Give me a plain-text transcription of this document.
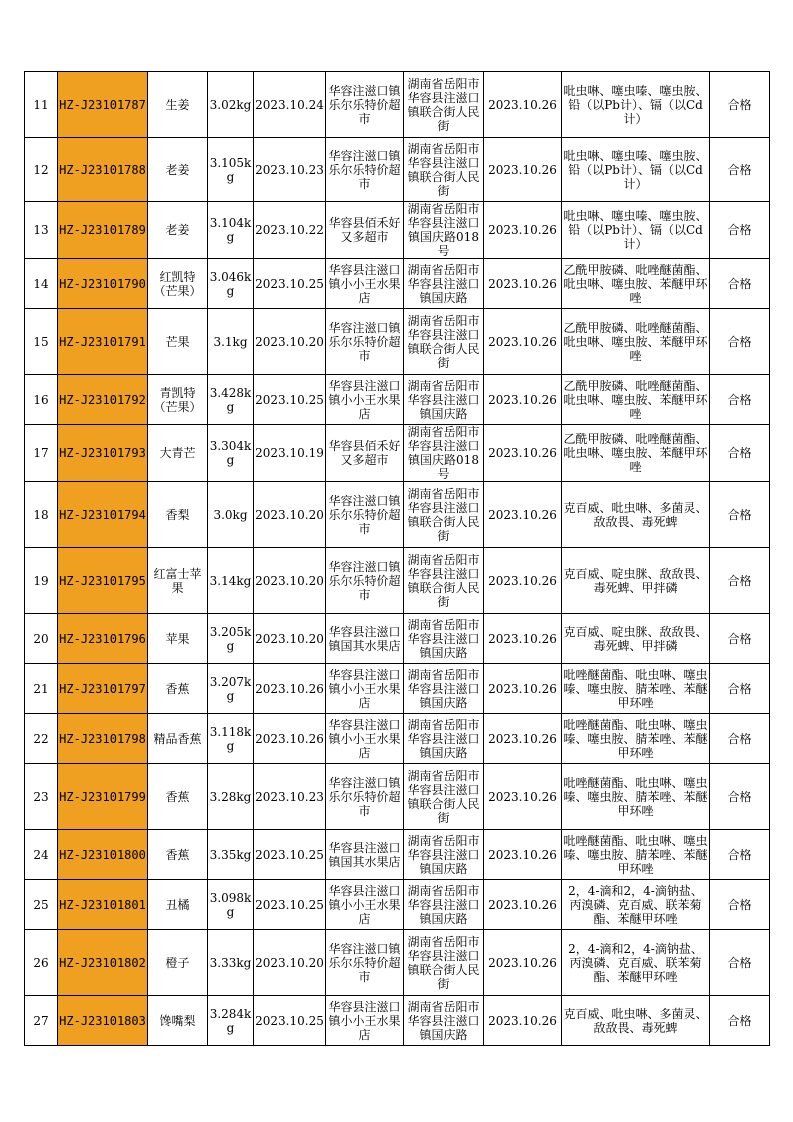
11	HZ-J23101787	生姜	3.02kg	2023.10.24	华容注滋口镇乐尔乐特价超市	湖南省岳阳市华容县注滋口镇联合街人民街	2023.10.26	吡虫啉、噻虫嗪、噻虫胺、铅（以Pb计）、镉（以Cd计）	合格
12	HZ-J23101788	老姜	3.105kg	2023.10.23	华容注滋口镇乐尔乐特价超市	湖南省岳阳市华容县注滋口镇联合街人民街	2023.10.26	吡虫啉、噻虫嗪、噻虫胺、铅（以Pb计）、镉（以Cd计）	合格
13	HZ-J23101789	老姜	3.104kg	2023.10.22	华容县佰禾好又多超市	湖南省岳阳市华容县注滋口镇国庆路018号	2023.10.26	吡虫啉、噻虫嗪、噻虫胺、铅（以Pb计）、镉（以Cd计）	合格
14	HZ-J23101790	红凯特（芒果）	3.046kg	2023.10.25	华容县注滋口镇小小王水果店	湖南省岳阳市华容县注滋口镇国庆路	2023.10.26	乙酰甲胺磷、吡唑醚菌酯、吡虫啉、噻虫胺、苯醚甲环唑	合格
15	HZ-J23101791	芒果	3.1kg	2023.10.20	华容注滋口镇乐尔乐特价超市	湖南省岳阳市华容县注滋口镇联合街人民街	2023.10.26	乙酰甲胺磷、吡唑醚菌酯、吡虫啉、噻虫胺、苯醚甲环唑	合格
16	HZ-J23101792	青凯特（芒果）	3.428kg	2023.10.25	华容县注滋口镇小小王水果店	湖南省岳阳市华容县注滋口镇国庆路	2023.10.26	乙酰甲胺磷、吡唑醚菌酯、吡虫啉、噻虫胺、苯醚甲环唑	合格
17	HZ-J23101793	大青芒	3.304kg	2023.10.19	华容县佰禾好又多超市	湖南省岳阳市华容县注滋口镇国庆路018号	2023.10.26	乙酰甲胺磷、吡唑醚菌酯、吡虫啉、噻虫胺、苯醚甲环唑	合格
18	HZ-J23101794	香梨	3.0kg	2023.10.20	华容注滋口镇乐尔乐特价超市	湖南省岳阳市华容县注滋口镇联合街人民街	2023.10.26	克百威、吡虫啉、多菌灵、敌敌畏、毒死蜱	合格
19	HZ-J23101795	红富士苹果	3.14kg	2023.10.20	华容注滋口镇乐尔乐特价超市	湖南省岳阳市华容县注滋口镇联合街人民街	2023.10.26	克百威、啶虫脒、敌敌畏、毒死蜱、甲拌磷	合格
20	HZ-J23101796	苹果	3.205kg	2023.10.20	华容县注滋口镇国其水果店	湖南省岳阳市华容县注滋口镇国庆路	2023.10.26	克百威、啶虫脒、敌敌畏、毒死蜱、甲拌磷	合格
21	HZ-J23101797	香蕉	3.207kg	2023.10.26	华容县注滋口镇小小王水果店	湖南省岳阳市华容县注滋口镇国庆路	2023.10.26	吡唑醚菌酯、吡虫啉、噻虫嗪、噻虫胺、腈苯唑、苯醚甲环唑	合格
22	HZ-J23101798	精品香蕉	3.118kg	2023.10.26	华容县注滋口镇小小王水果店	湖南省岳阳市华容县注滋口镇国庆路	2023.10.26	吡唑醚菌酯、吡虫啉、噻虫嗪、噻虫胺、腈苯唑、苯醚甲环唑	合格
23	HZ-J23101799	香蕉	3.28kg	2023.10.23	华容注滋口镇乐尔乐特价超市	湖南省岳阳市华容县注滋口镇联合街人民街	2023.10.26	吡唑醚菌酯、吡虫啉、噻虫嗪、噻虫胺、腈苯唑、苯醚甲环唑	合格
24	HZ-J23101800	香蕉	3.35kg	2023.10.25	华容县注滋口镇国其水果店	湖南省岳阳市华容县注滋口镇国庆路	2023.10.26	吡唑醚菌酯、吡虫啉、噻虫嗪、噻虫胺、腈苯唑、苯醚甲环唑	合格
25	HZ-J23101801	丑橘	3.098kg	2023.10.25	华容县注滋口镇小小王水果店	湖南省岳阳市华容县注滋口镇国庆路	2023.10.26	2，4-滴和2，4-滴钠盐、丙溴磷、克百威、联苯菊酯、苯醚甲环唑	合格
26	HZ-J23101802	橙子	3.33kg	2023.10.20	华容注滋口镇乐尔乐特价超市	湖南省岳阳市华容县注滋口镇联合街人民街	2023.10.26	2，4-滴和2，4-滴钠盐、丙溴磷、克百威、联苯菊酯、苯醚甲环唑	合格
27	HZ-J23101803	馋嘴梨	3.284kg	2023.10.25	华容县注滋口镇小小王水果店	湖南省岳阳市华容县注滋口镇国庆路	2023.10.26	克百威、吡虫啉、多菌灵、敌敌畏、毒死蜱	合格
